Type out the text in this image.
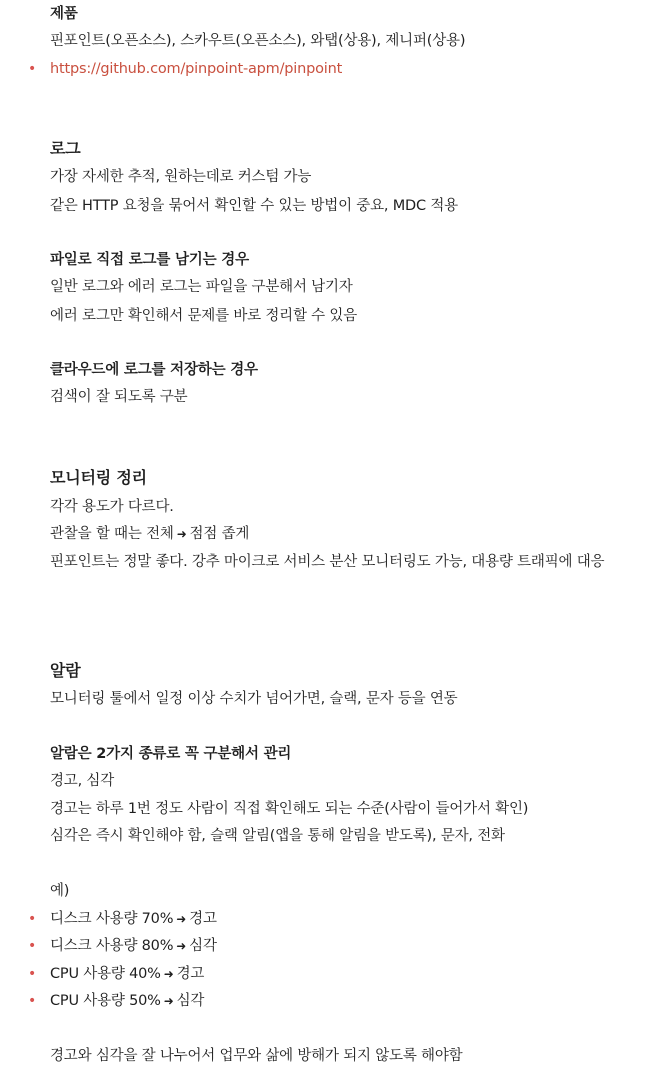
제품
핀포인트(오픈소스), 스카우트(오픈소스), 와탭(상용), 제니퍼(상용)
• https://github.com/pinpoint-apm/pinpoint
로그
가장 자세한 추적, 원하는데로 커스텀 가능
같은 HTTP 요청을 묶어서 확인할 수 있는 방법이 중요, MDC 적용
파일로 직접 로그를 남기는 경우
일반 로그와 에러 로그는 파일을 구분해서 남기자
에러 로그만 확인해서 문제를 바로 정리할 수 있음
클라우드에 로그를 저장하는 경우
검색이 잘 되도록 구분
모니터링 정리
각각 용도가 다르다.
관찰을 할 때는 전체 ➜ 점점 좁게
핀포인트는 정말 좋다. 강추 마이크로 서비스 분산 모니터링도 가능, 대용량 트래픽에 대응
알람
모니터링 툴에서 일정 이상 수치가 넘어가면, 슬랙, 문자 등을 연동
알람은 2가지 종류로 꼭 구분해서 관리
경고, 심각
경고는 하루 1번 정도 사람이 직접 확인해도 되는 수준(사람이 들어가서 확인)
심각은 즉시 확인해야 함, 슬랙 알림(앱을 통해 알림을 받도록), 문자, 전화
예)
• 디스크 사용량 70% ➜ 경고
• 디스크 사용량 80% ➜ 심각
• CPU 사용량 40% ➜ 경고
• CPU 사용량 50% ➜ 심각
경고와 심각을 잘 나누어서 업무와 삶에 방해가 되지 않도록 해야함
